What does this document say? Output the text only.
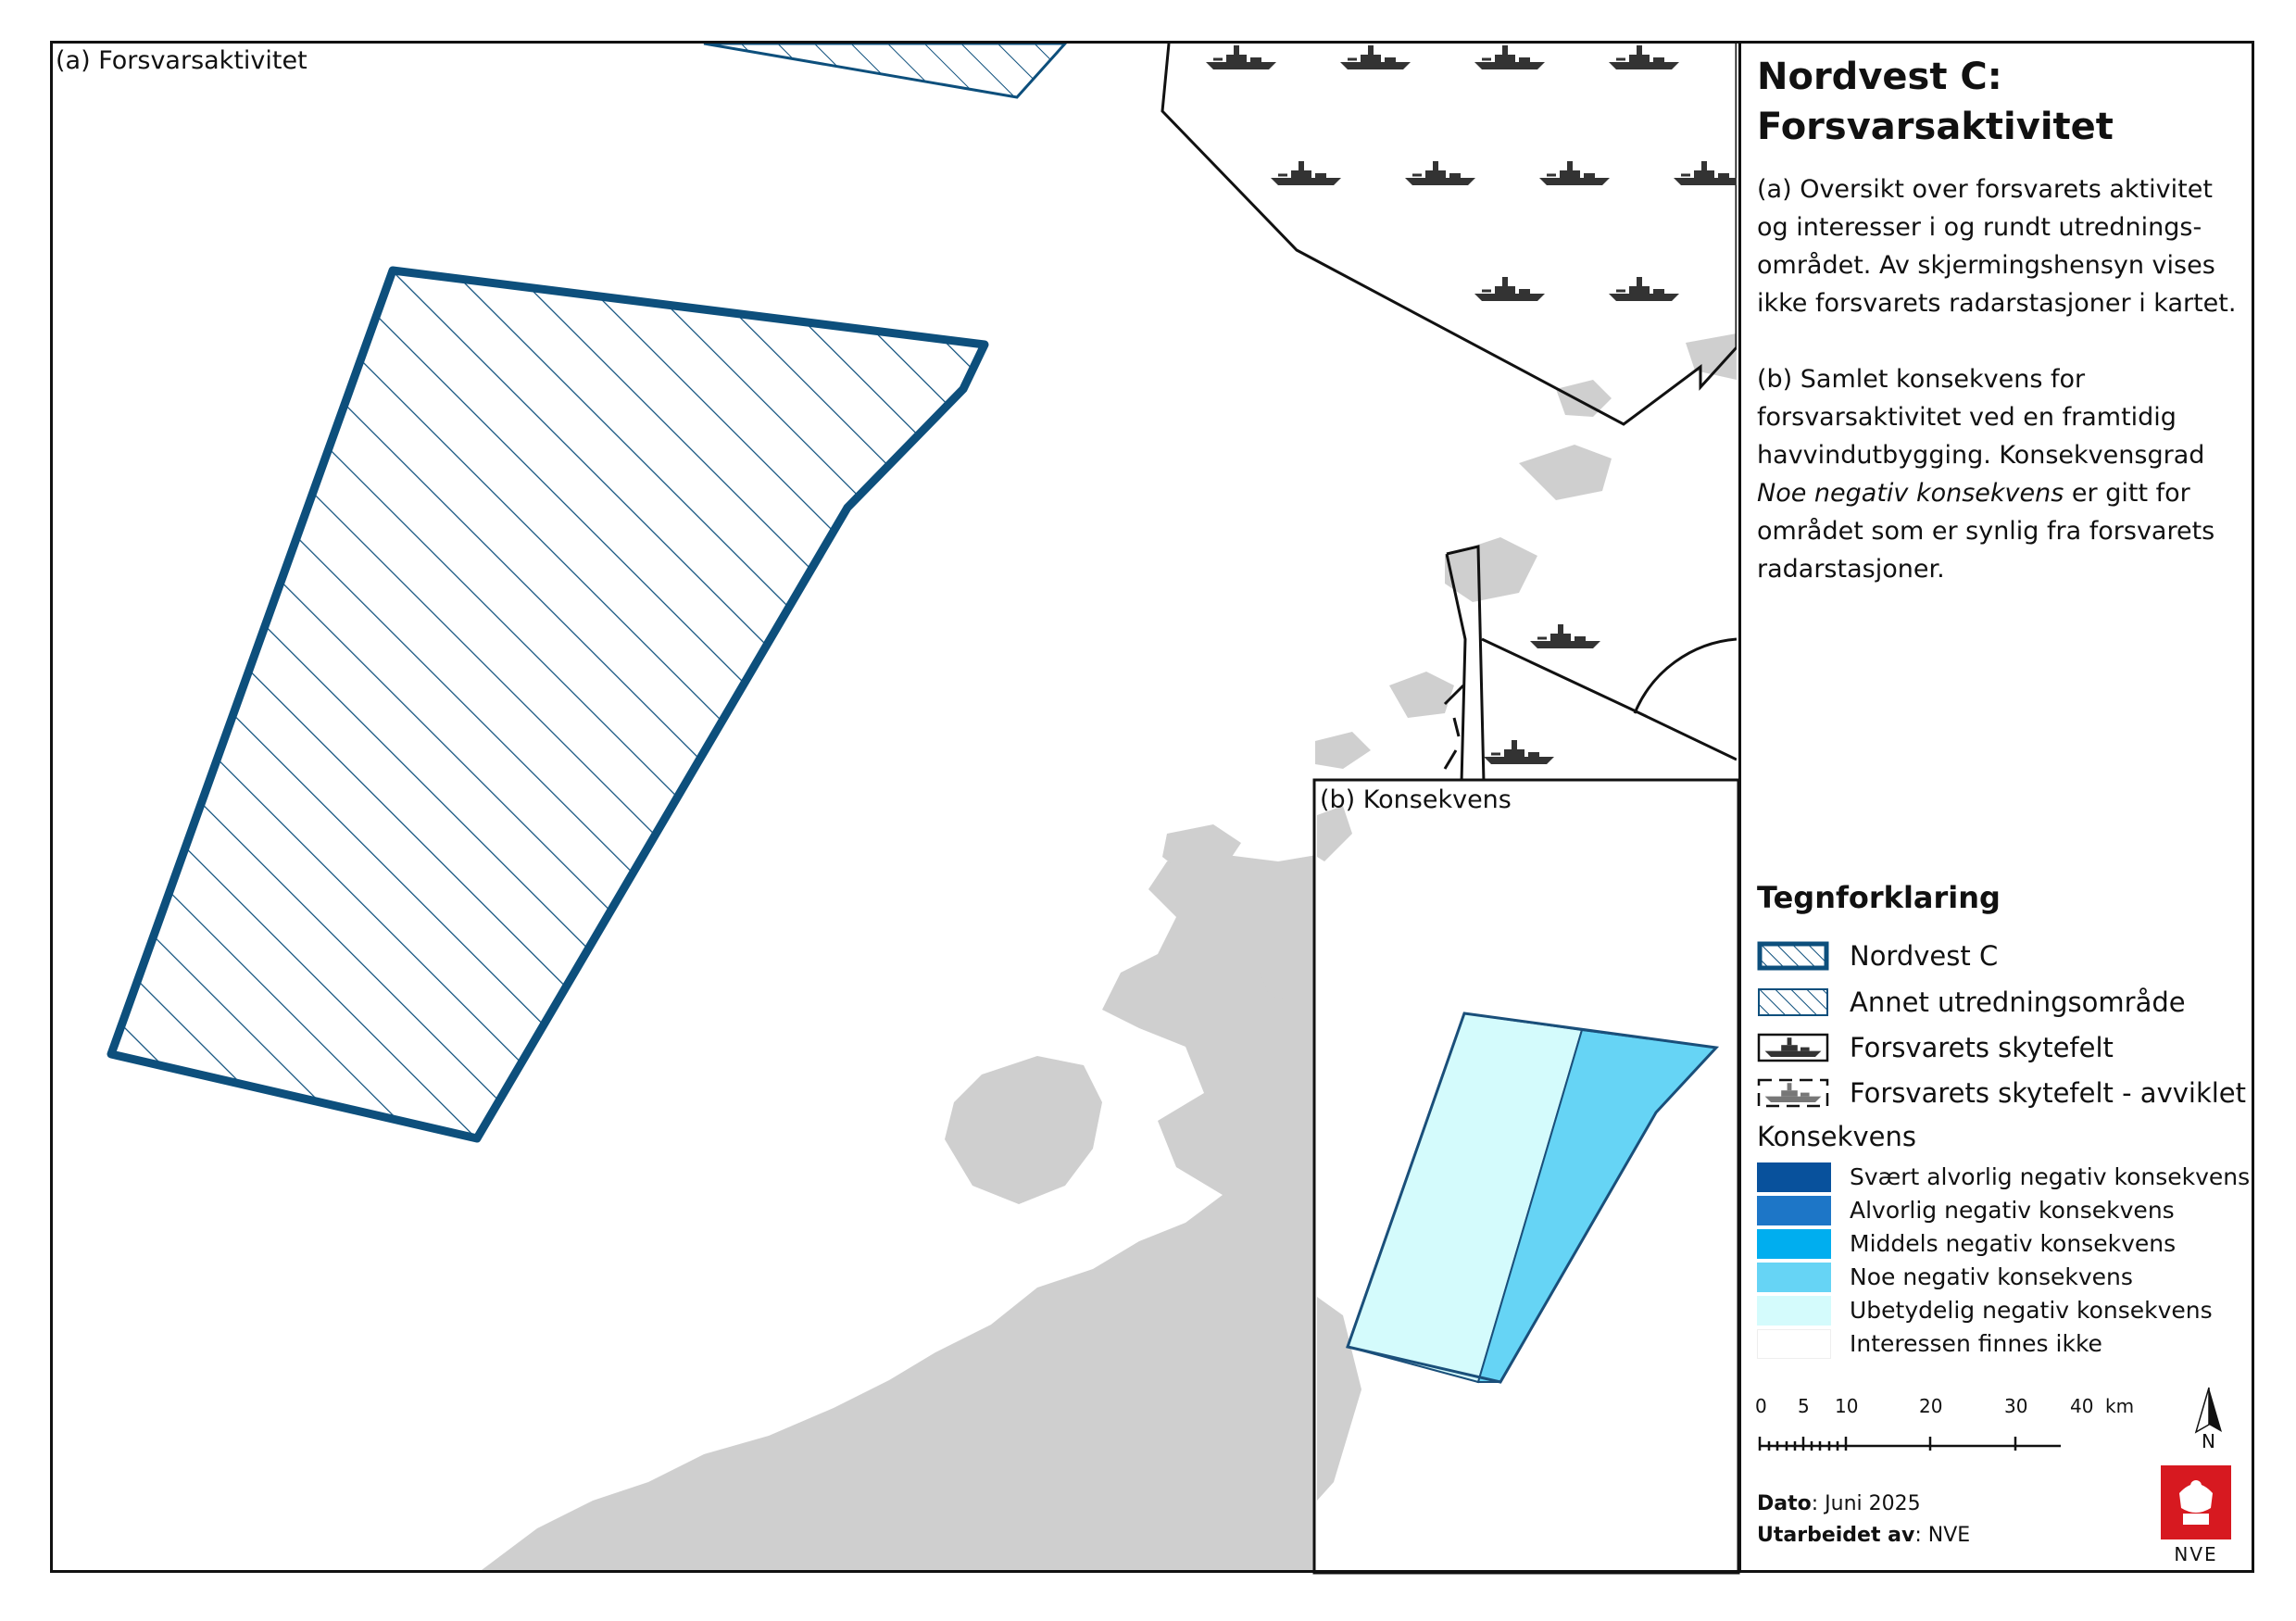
(a) Forsvarsaktivitet
(b) Konsekvens
Nordvest C:
Forsvarsaktivitet
(a) Oversikt over forsvarets aktivitet og interesser i og rundt utrednings-området. Av skjermingshensyn vises ikke forsvarets radarstasjoner i kartet.
(b) Samlet konsekvens for forsvarsaktivitet ved en framtidig havvindutbygging. Konsekvensgrad Noe negativ konsekvens er gitt for området som er synlig fra forsvarets radarstasjoner.
Tegnforklaring
Nordvest C
Annet utredningsområde
Forsvarets skytefelt
Forsvarets skytefelt - avviklet
Konsekvens
Svært alvorlig negativ konsekvens
Alvorlig negativ konsekvens
Middels negativ konsekvens
Noe negativ konsekvens
Ubetydelig negativ konsekvens
Interessen finnes ikke
0 5 10	20	30 40 km
N
Dato: Juni 2025
Utarbeidet av: NVE
NVE
